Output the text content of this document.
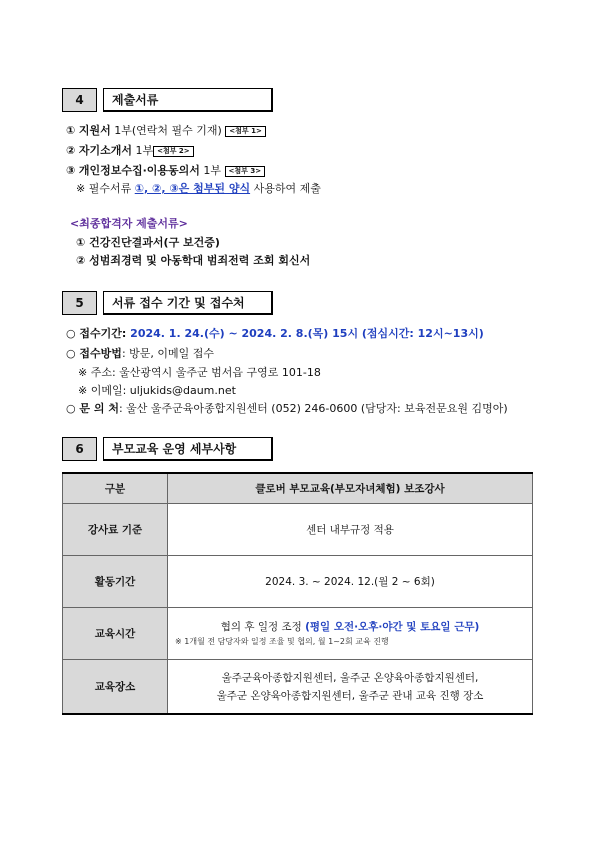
4	제출서류
① 지원서 1부(연락처 필수 기재) <첨부 1>
② 자기소개서 1부 <첨부 2>
③ 개인정보수집·이용동의서 1부 <첨부 3>
※ 필수서류 ①, ②, ③은 첨부된 양식 사용하여 제출
<최종합격자 제출서류>
① 건강진단결과서(구 보건증)
② 성범죄경력 및 아동학대 범죄전력 조회 회신서
5	서류 접수 기간 및 접수처
○ 접수기간: 2024. 1. 24.(수) ~ 2024. 2. 8.(목) 15시 (점심시간: 12시~13시)
○ 접수방법: 방문, 이메일 접수
※ 주소: 울산광역시 울주군 범서읍 구영로 101-18
※ 이메일: uljukids@daum.net
○ 문 의 처: 울산 울주군육아종합지원센터 (052) 246-0600 (담당자: 보육전문요원 김명아)
6	부모교육 운영 세부사항
구분	클로버 부모교육(부모자녀체험) 보조강사
강사료 기준	센터 내부규정 적용
활동기간	2024. 3. ~ 2024. 12.(월 2 ~ 6회)
교육시간	협의 후 일정 조정 (평일 오전·오후·야간 및 토요일 근무)
※ 1개월 전 담당자와 일정 조율 및 협의, 월 1~2회 교육 진행

교육장소	울주군육아종합지원센터, 울주군 온양육아종합지원센터,
울주군 온양육아종합지원센터, 울주군 관내 교육 진행 장소
